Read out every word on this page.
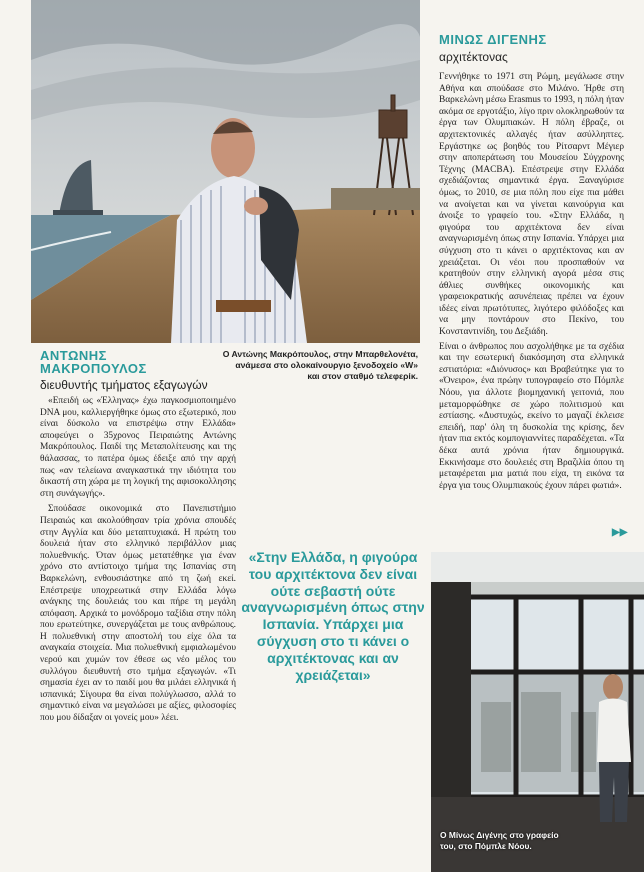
ΜΙΝΩΣ ΔΙΓΕΝΗΣ
αρχιτέκτονας

Γεννήθηκε το 1971 στη Ρώμη, μεγάλωσε στην Αθήνα και σπούδασε στο Μιλάνο. Ήρθε στη Βαρκελώνη μέσω Erasmus το 1993, η πόλη ήταν ακόμα σε εργοτάξιο, λίγο πριν ολοκληρωθούν τα έργα των Ολυμπιακών. Η πόλη έβραζε, οι αρχιτεκτονικές αλλαγές ήταν ασύλληπτες. Εργάστηκε ως βοηθός του Ρίτσαρντ Μέγιερ στην αποπεράτωση του Μουσείου Σύγχρονης Τέχνης (MACBA). Επέστρεψε στην Ελλάδα σχεδιάζοντας σημαντικά έργα. Ξαναγύρισε όμως, το 2010, σε μια πόλη που είχε πια μάθει να ανοίγεται και να γίνεται καινούργια και άνοιξε το γραφείο του. «Στην Ελλάδα, η φιγούρα του αρχιτέκτονα δεν είναι αναγνωρισμένη όπως στην Ισπανία. Υπάρχει μια σύγχυση στο τι κάνει ο αρχιτέκτονας και αν χρειάζεται. Οι νέοι που προσπαθούν να κρατηθούν στην ελληνική αγορά μέσα στις άθλιες συνθήκες οικονομικής και γραφειοκρατικής ασυνέπειας πρέπει να έχουν ιδέες είναι πρωτότυπες, λιγότερο φιλόδοξες και να μην ποντάρουν στο Πεκίνο, του Κονσταντινίδη, του Δεξιάδη.

Είναι ο άνθρωπος που ασχολήθηκε με τα σχέδια και την εσωτερική διακόσμηση στα ελληνικά εστιατόρια: «Διόνυσος» και Βραβεύτηκε για το «Όνειρο», ένα πρώην τυπογραφείο στο Πόμπλε Νόου, για άλλοτε βιομηχανική γειτονιά, που μεταμορφώθηκε σε χώρο πολιτισμού και εστίασης. «Δυστυχώς, εκείνο το μαγαζί έκλεισε επειδή, παρ' όλη τη δυσκολία της κρίσης, δεν ήταν πια εκτός κομπογιαννίτες παραδέχεται. «Τα δέκα αυτά χρόνια ήταν δημιουργικά. Εκκινήσαμε στο δουλειές στη Βραζιλία όπου τη μεταφέρεται μια ματιά που είχα, τη εικόνα τα έργα για τους Ολυμπιακούς έχουν πάρει φωτιά».

▶▶
Ο Αντώνης Μακρόπουλος, στην Μπαρθελονέτα, ανάμεσα στο ολοκαίνουργιο ξενοδοχείο «W» και στον σταθμό τελεφερίκ.
ΑΝΤΩΝΗΣ ΜΑΚΡΟΠΟΥΛΟΣ
διευθυντής τμήματος εξαγωγών

«Επειδή ως «Έλληνας» έχω παγκοσμιοποιημένο DNA μου, καλλιεργήθηκε όμως στο εξωτερικό, που είναι δύσκολο να επιστρέψω στην Ελλάδα» αποφεύγει ο 35χρονος Πειραιώτης Αντώνης Μακρόπουλος. Παιδί της Μεταπολίτευσης και της θάλασσας, το πατέρα όμως έδειξε από την αρχή πως «αν τελείωνα αναγκαστικά την ιδιότητα του δικαστή στη χώρα με τη λογική της αφισοκολλησης στη συνάγωγής».

Σπούδασε οικονομικά στο Πανεπιστήμιο Πειραιώς και ακολούθησαν τρία χρόνια σπουδές στην Αγγλία και δύο μεταπτυχιακά. Η πρώτη του δουλειά ήταν στο ελληνικό περιβάλλον μιας πολυεθνικής. Όταν όμως μετατέθηκε για έναν χρόνο στο αντίστοιχο τμήμα της Ισπανίας στη Βαρκελώνη, ενθουσιάστηκε από τη ζωή εκεί. Επέστρεψε υποχρεωτικά στην Ελλάδα λόγω ανάγκης της δουλειάς του και πήρε τη μεγάλη απόφαση. Αρχικά το μονόδρομο ταξίδια στην πόλη που ερωτεύτηκε, συνεργάζεται με τους ανθρώπους. Η πολυεθνική στην αποστολή του είχε όλα τα αναγκαία στοιχεία. Μια πολυεθνική εμφιαλωμένου νερού και χυμών τον έθεσε ως νέο μέλος του συλλόγου διευθυντή στο τμήμα εξαγωγών. «Τι σημασία έχει αν το παιδί μου θα μιλάει ελληνικά ή ισπανικά; Σίγουρα θα είναι πολύγλωσσο, αλλά το σημαντικό είναι να μεγαλώσει με αξίες, φιλοσοφίες που μου δίδαξαν οι γονείς μου» λέει.

«Στην Ελλάδα, η φιγούρα του αρχιτέκτονα δεν είναι ούτε σεβαστή ούτε αναγνωρισμένη όπως στην Ισπανία. Υπάρχει μια σύγχυση στο τι κάνει ο αρχιτέκτονας και αν χρειάζεται»
Ο Μίνως Διγένης στο γραφείο του, στο Πόμπλε Νόου.
